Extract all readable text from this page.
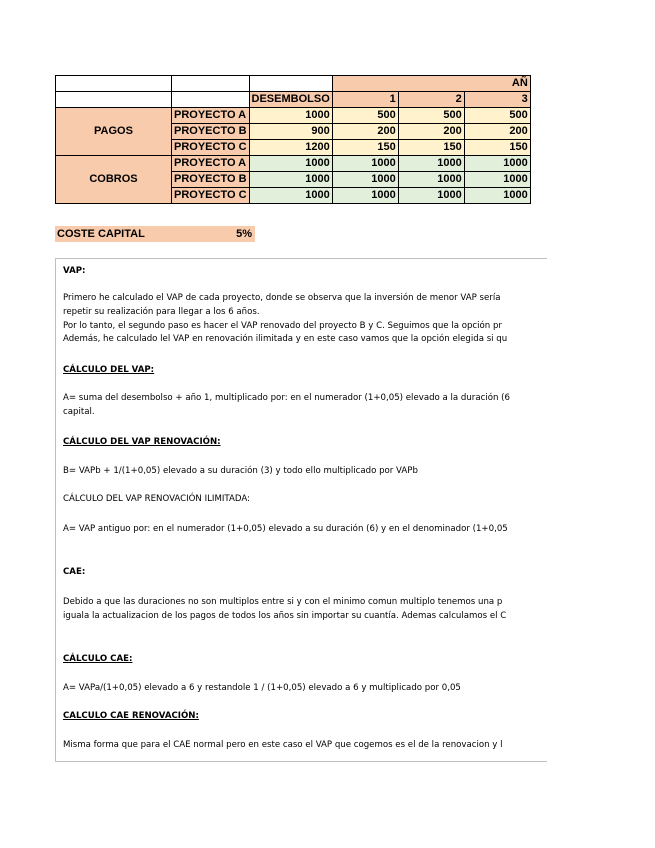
			AÑ		
		DESEMBOLSO	1	2	3
PAGOS	PROYECTO A	1000	500	500	500
	PROYECTO B	900	200	200	200
	PROYECTO C	1200	150	150	150
COBROS	PROYECTO A	1000	1000	1000	1000
	PROYECTO B	1000	1000	1000	1000
	PROYECTO C	1000	1000	1000	1000
COSTE CAPITAL	5%

VAP:

Primero he calculado el VAP de cada proyecto, donde se observa que la inversión de menor VAP sería

repetir su realización para llegar a los 6 años.

Por lo tanto, el segundo paso es hacer el VAP renovado del proyecto B y C. Seguimos que la opción pr

Además, he calculado lel VAP en renovación ilimitada y en este caso vamos que la opción elegida si qu

CÁLCULO DEL VAP:

A= suma del desembolso + año 1, multiplicado por: en el numerador (1+0,05) elevado a la duración (6

capital.

CÁLCULO DEL VAP RENOVACIÓN:

B= VAPb + 1/(1+0,05) elevado a su duración (3) y todo ello multiplicado por VAPb

CÁLCULO DEL VAP RENOVACIÓN ILIMITADA:

A= VAP antiguo por: en el numerador (1+0,05) elevado a su duración (6) y en el denominador (1+0,05

CAE:

Debido a que las duraciones no son multiplos entre si y con el minimo comun multiplo tenemos una p

iguala la actualizacion de los pagos de todos los años sin importar su cuantía. Ademas calculamos el C

CÁLCULO CAE:

A= VAPa/(1+0,05) elevado a 6 y restandole 1 / (1+0,05) elevado a 6 y multiplicado por 0,05

CALCULO CAE RENOVACIÓN:

Misma forma que para el CAE normal pero en este caso el VAP que cogemos es el de la renovacion y l
